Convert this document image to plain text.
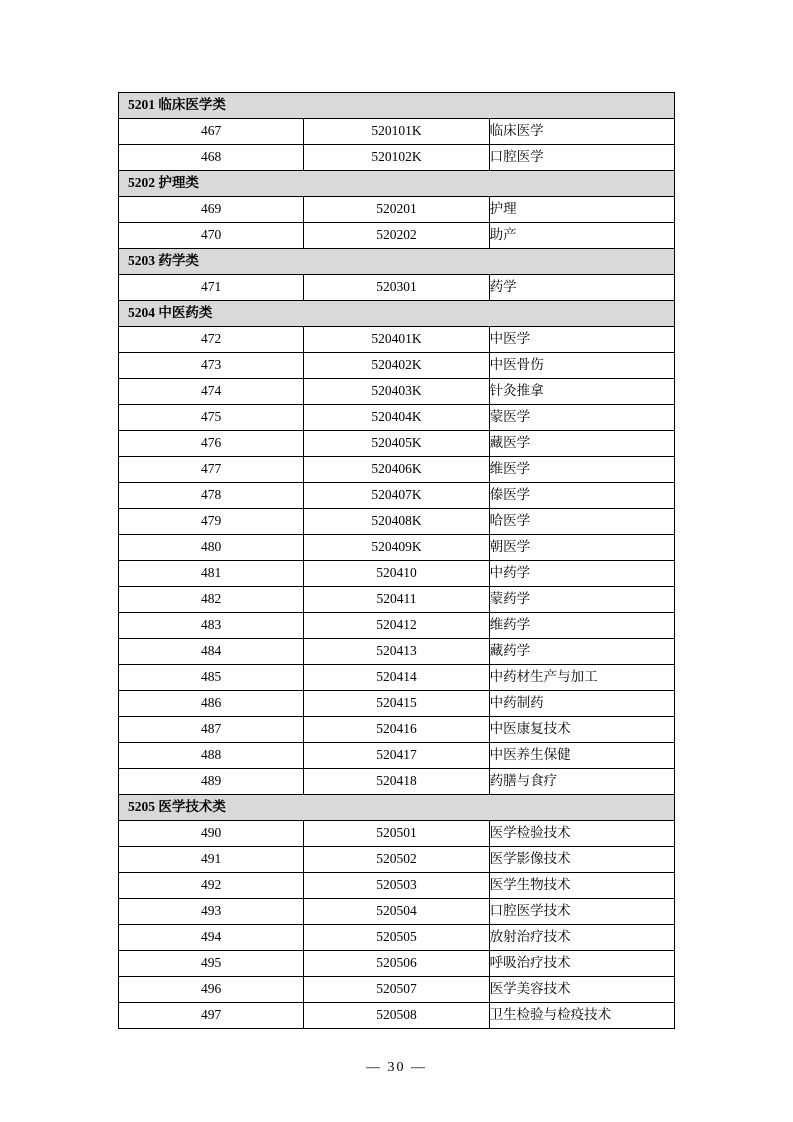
5201 临床医学类		
467	520101K	临床医学
468	520102K	口腔医学
5202 护理类		
469	520201	护理
470	520202	助产
5203 药学类		
471	520301	药学
5204 中医药类		
472	520401K	中医学
473	520402K	中医骨伤
474	520403K	针灸推拿
475	520404K	蒙医学
476	520405K	藏医学
477	520406K	维医学
478	520407K	傣医学
479	520408K	哈医学
480	520409K	朝医学
481	520410	中药学
482	520411	蒙药学
483	520412	维药学
484	520413	藏药学
485	520414	中药材生产与加工
486	520415	中药制药
487	520416	中医康复技术
488	520417	中医养生保健
489	520418	药膳与食疗
5205 医学技术类		
490	520501	医学检验技术
491	520502	医学影像技术
492	520503	医学生物技术
493	520504	口腔医学技术
494	520505	放射治疗技术
495	520506	呼吸治疗技术
496	520507	医学美容技术
497	520508	卫生检验与检疫技术
— 30 —
